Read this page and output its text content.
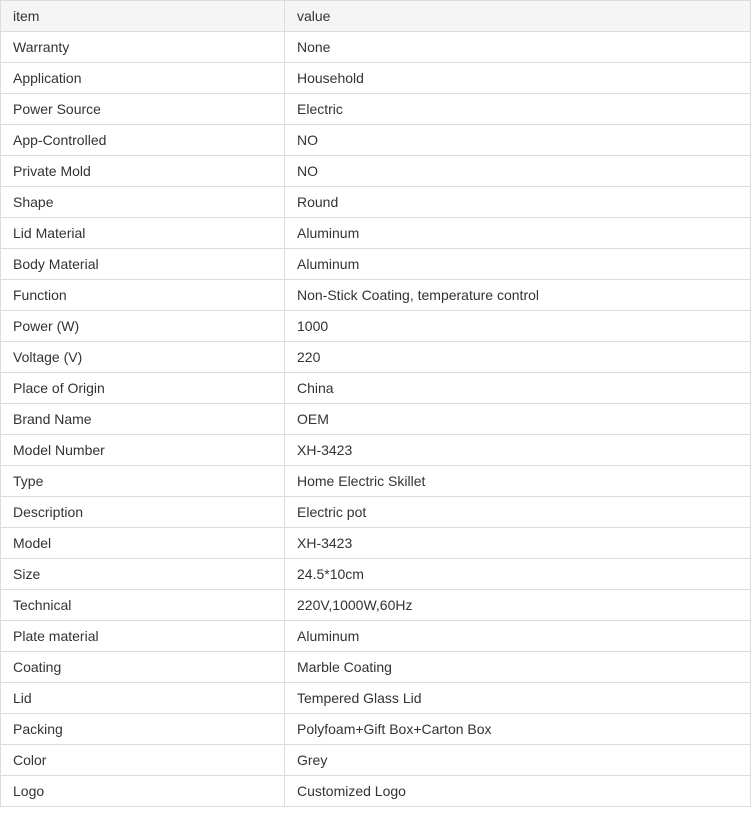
item	value
Warranty	None
Application	Household
Power Source	Electric
App-Controlled	NO
Private Mold	NO
Shape	Round
Lid Material	Aluminum
Body Material	Aluminum
Function	Non-Stick Coating, temperature control
Power (W)	1000
Voltage (V)	220
Place of Origin	China
Brand Name	OEM
Model Number	XH-3423
Type	Home Electric Skillet
Description	Electric pot
Model	XH-3423
Size	24.5*10cm
Technical	220V,1000W,60Hz
Plate material	Aluminum
Coating	Marble Coating
Lid	Tempered Glass Lid
Packing	Polyfoam+Gift Box+Carton Box
Color	Grey
Logo	Customized Logo
